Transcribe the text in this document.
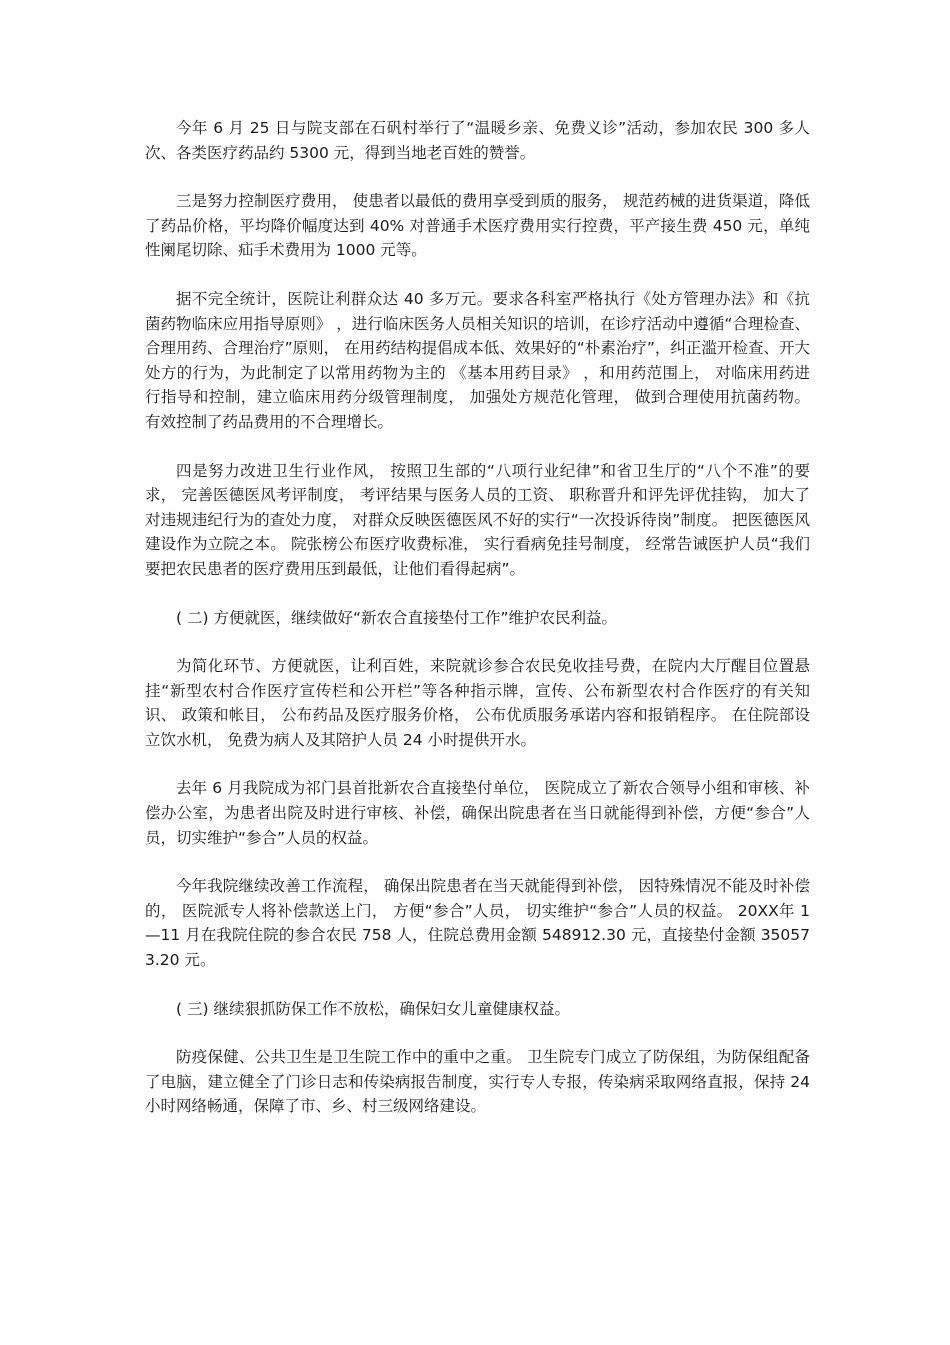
今年 6 月 25 日与院支部在石矾村举行了“温暖乡亲、免费义诊”活动，参加农民 300 多人次、各类医疗药品约 5300 元，得到当地老百姓的赞誉。

三是努力控制医疗费用， 使患者以最低的费用享受到质的服务， 规范药械的进货渠道，降低了药品价格，平均降价幅度达到 40% 对普通手术医疗费用实行控费，平产接生费 450 元，单纯性阑尾切除、疝手术费用为 1000 元等。

据不完全统计，医院让利群众达 40 多万元。要求各科室严格执行《处方管理办法》和《抗菌药物临床应用指导原则》 ，进行临床医务人员相关知识的培训，在诊疗活动中遵循“合理检查、 合理用药、合理治疗”原则， 在用药结构提倡成本低、效果好的“朴素治疗”，纠正滥开检查、开大处方的行为，为此制定了以常用药物为主的 《基本用药目录》 ，和用药范围上， 对临床用药进行指导和控制，建立临床用药分级管理制度， 加强处方规范化管理， 做到合理使用抗菌药物。 有效控制了药品费用的不合理增长。

四是努力改进卫生行业作风， 按照卫生部的“八项行业纪律”和省卫生厅的“八个不准”的要求， 完善医德医风考评制度， 考评结果与医务人员的工资、 职称晋升和评先评优挂钩， 加大了对违规违纪行为的查处力度， 对群众反映医德医风不好的实行“一次投诉待岗”制度。 把医德医风建设作为立院之本。 院张榜公布医疗收费标准， 实行看病免挂号制度， 经常告诫医护人员“我们要把农民患者的医疗费用压到最低，让他们看得起病”。

( 二) 方便就医，继续做好“新农合直接垫付工作”维护农民利益。

为简化环节、方便就医，让利百姓，来院就诊参合农民免收挂号费，在院内大厅醒目位置悬挂“新型农村合作医疗宣传栏和公开栏”等各种指示牌，宣传、公布新型农村合作医疗的有关知识、 政策和帐目， 公布药品及医疗服务价格， 公布优质服务承诺内容和报销程序。 在住院部设立饮水机， 免费为病人及其陪护人员 24 小时提供开水。

去年 6 月我院成为祁门县首批新农合直接垫付单位， 医院成立了新农合领导小组和审核、补偿办公室，为患者出院及时进行审核、补偿，确保出院患者在当日就能得到补偿，方便“参合”人员，切实维护“参合”人员的权益。

今年我院继续改善工作流程， 确保出院患者在当天就能得到补偿， 因特殊情况不能及时补偿的， 医院派专人将补偿款送上门， 方便“参合”人员， 切实维护“参合”人员的权益。 20XX年 1—11 月在我院住院的参合农民 758 人，住院总费用金额 548912.30 元，直接垫付金额 350573.20 元。

( 三) 继续狠抓防保工作不放松，确保妇女儿童健康权益。

防疫保健、公共卫生是卫生院工作中的重中之重。 卫生院专门成立了防保组，为防保组配备了电脑，建立健全了门诊日志和传染病报告制度，实行专人专报，传染病采取网络直报，保持 24 小时网络畅通，保障了市、乡、村三级网络建设。
